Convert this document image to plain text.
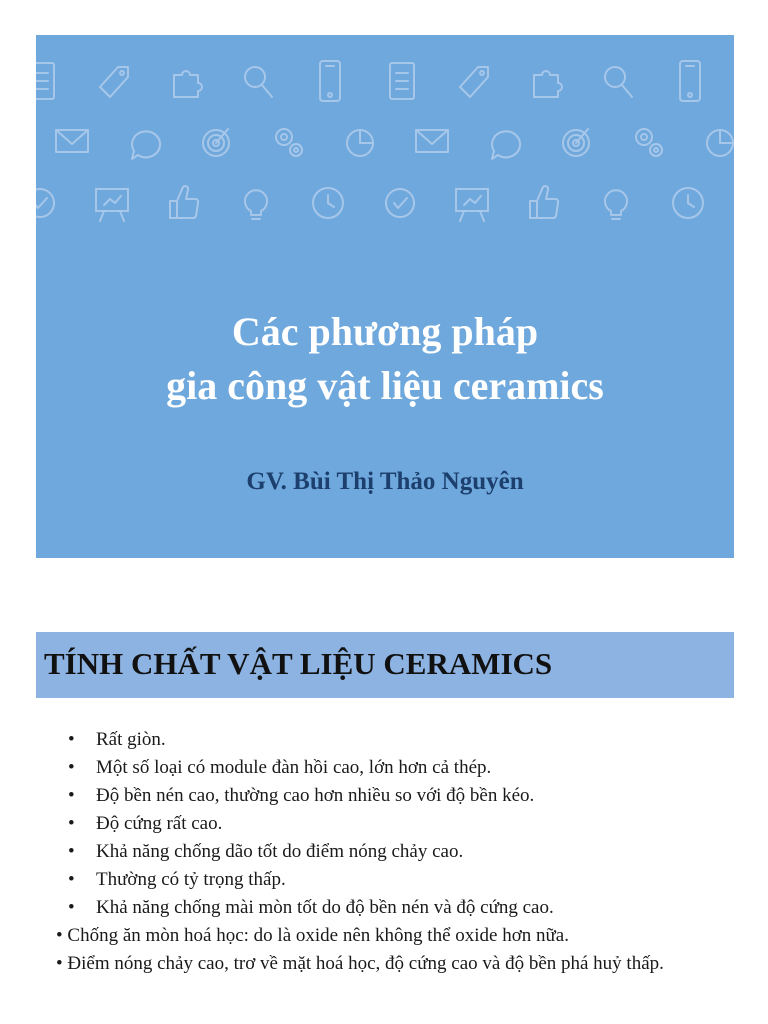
Các phương pháp
gia công vật liệu ceramics
GV. Bùi Thị Thảo Nguyên
TÍNH CHẤT VẬT LIỆU CERAMICS
•	Rất giòn.
•	Một số loại có module đàn hồi cao, lớn hơn cả thép.
•	Độ bền nén cao, thường cao hơn nhiều so với độ bền kéo.
•	Độ cứng rất cao.
•	Khả năng chống dão tốt do điểm nóng chảy cao.
•	Thường có tỷ trọng thấp.
•	Khả năng chống mài mòn tốt do độ bền nén và độ cứng cao.

• Chống ăn mòn hoá học: do là oxide nên không thể oxide hơn nữa.

• Điểm nóng chảy cao, trơ về mặt hoá học, độ cứng cao và độ bền phá huỷ thấp.
